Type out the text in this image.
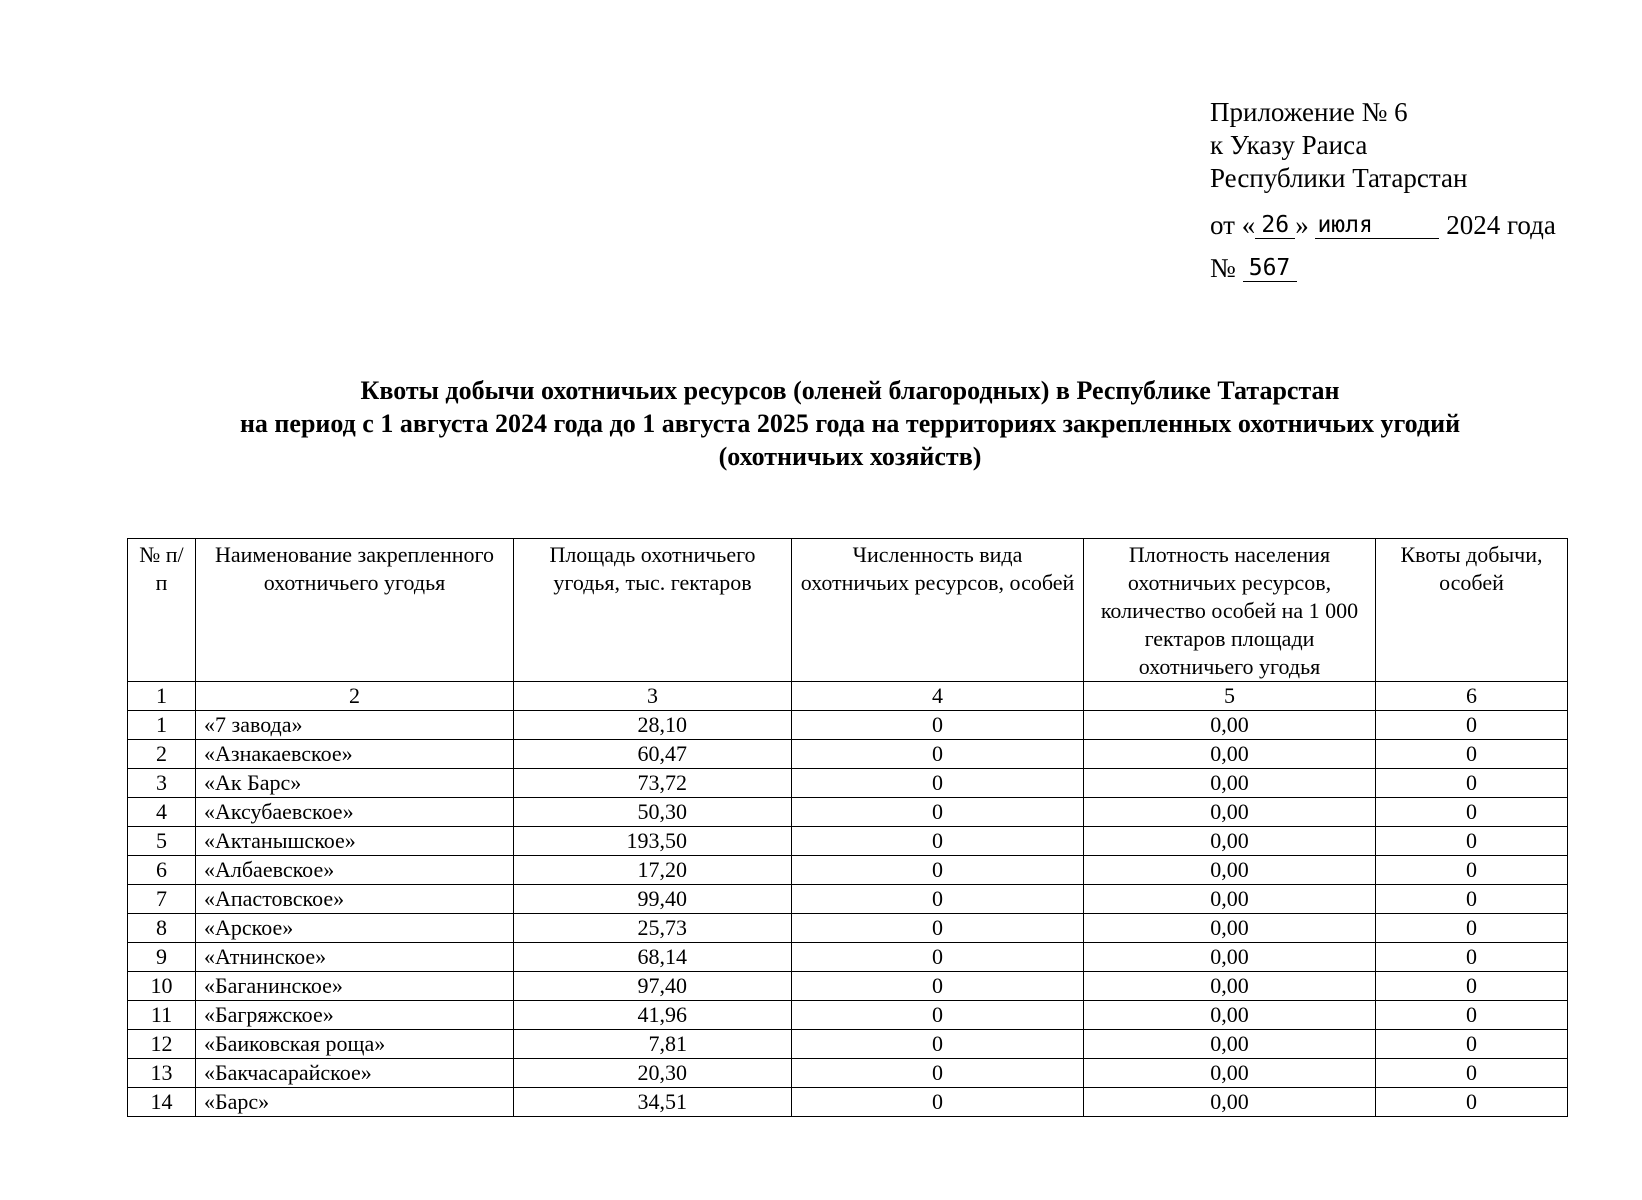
Приложение № 6
к Указу Раиса
Республики Татарстан
от « 26 » июля	2024 года
№ 567
Квоты добычи охотничьих ресурсов (оленей благородных) в Республике Татарстан
на период с 1 августа 2024 года до 1 августа 2025 года на территориях закрепленных охотничьих угодий
(охотничьих хозяйств)
№ п/п	Наименование закрепленного охотничьего угодья	Площадь охотничьего угодья, тыс. гектаров	Численность вида охотничьих ресурсов, особей	Плотность населения охотничьих ресурсов, количество особей на 1 000 гектаров площади охотничьего угодья	Квоты добычи, особей
1	2	3	4	5	6
1	«7 завода»	28,10	0	0,00	0
2	«Азнакаевское»	60,47	0	0,00	0
3	«Ак Барс»	73,72	0	0,00	0
4	«Аксубаевское»	50,30	0	0,00	0
5	«Актанышское»	193,50	0	0,00	0
6	«Албаевское»	17,20	0	0,00	0
7	«Апастовское»	99,40	0	0,00	0
8	«Арское»	25,73	0	0,00	0
9	«Атнинское»	68,14	0	0,00	0
10	«Баганинское»	97,40	0	0,00	0
11	«Багряжское»	41,96	0	0,00	0
12	«Баиковская роща»	7,81	0	0,00	0
13	«Бакчасарайское»	20,30	0	0,00	0
14	«Барс»	34,51	0	0,00	0
